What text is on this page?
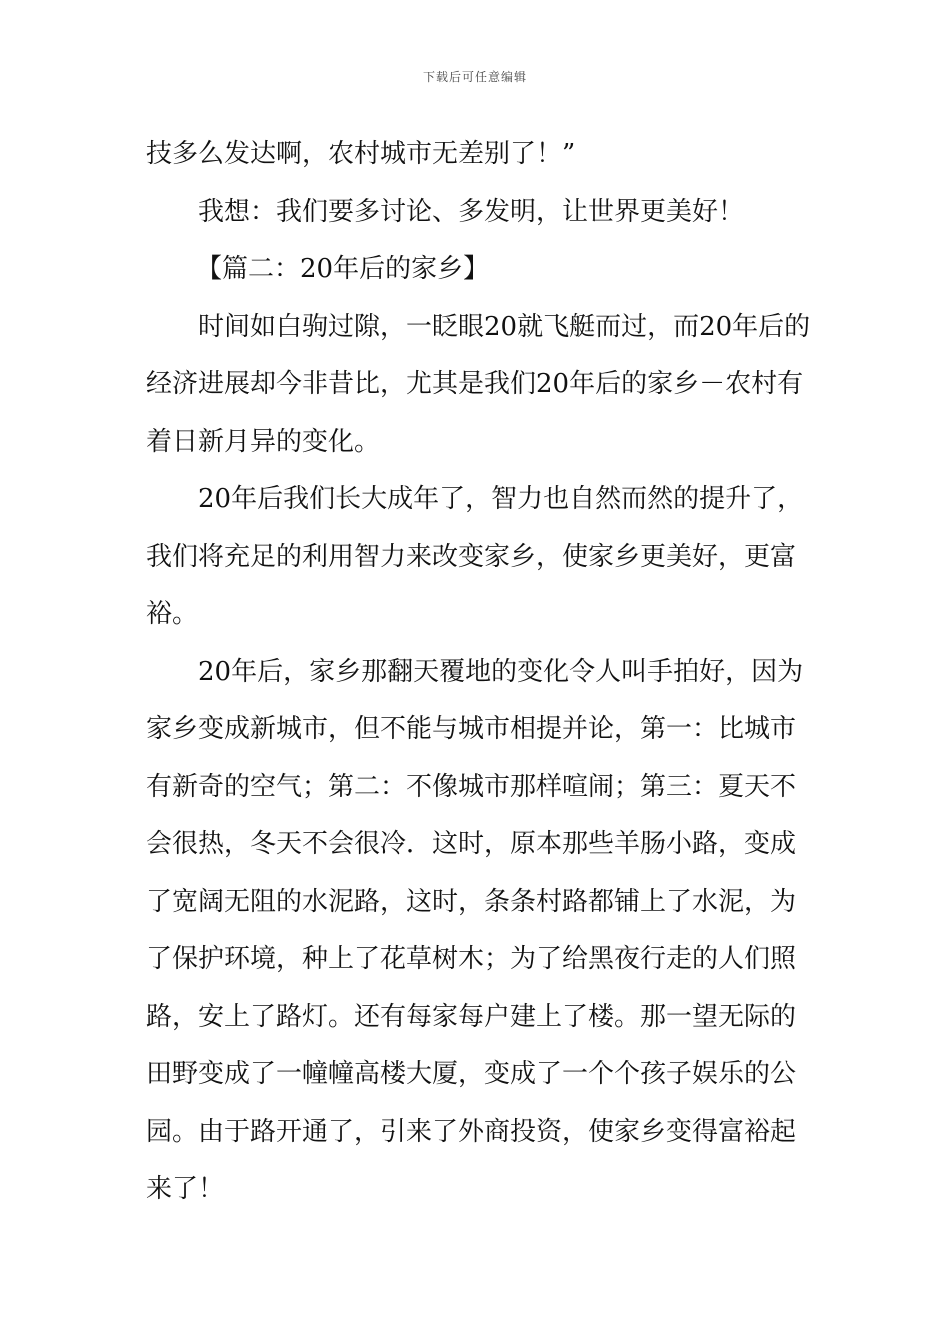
下载后可任意编辑
技多么发达啊，农村城市无差别了！”
我想：我们要多讨论、多发明，让世界更美好！
【篇二：20年后的家乡】
时间如白驹过隙，一眨眼20就飞艇而过，而20年后的
经济进展却今非昔比，尤其是我们20年后的家乡－农村有
着日新月异的变化。
20年后我们长大成年了，智力也自然而然的提升了，
我们将充足的利用智力来改变家乡，使家乡更美好，更富
裕。
20年后，家乡那翻天覆地的变化令人叫手拍好，因为
家乡变成新城市，但不能与城市相提并论，第一：比城市
有新奇的空气；第二：不像城市那样喧闹；第三：夏天不
会很热，冬天不会很冷．这时，原本那些羊肠小路，变成
了宽阔无阻的水泥路，这时，条条村路都铺上了水泥，为
了保护环境，种上了花草树木；为了给黑夜行走的人们照
路，安上了路灯。还有每家每户建上了楼。那一望无际的
田野变成了一幢幢高楼大厦，变成了一个个孩子娱乐的公
园。由于路开通了，引来了外商投资，使家乡变得富裕起
来了！
